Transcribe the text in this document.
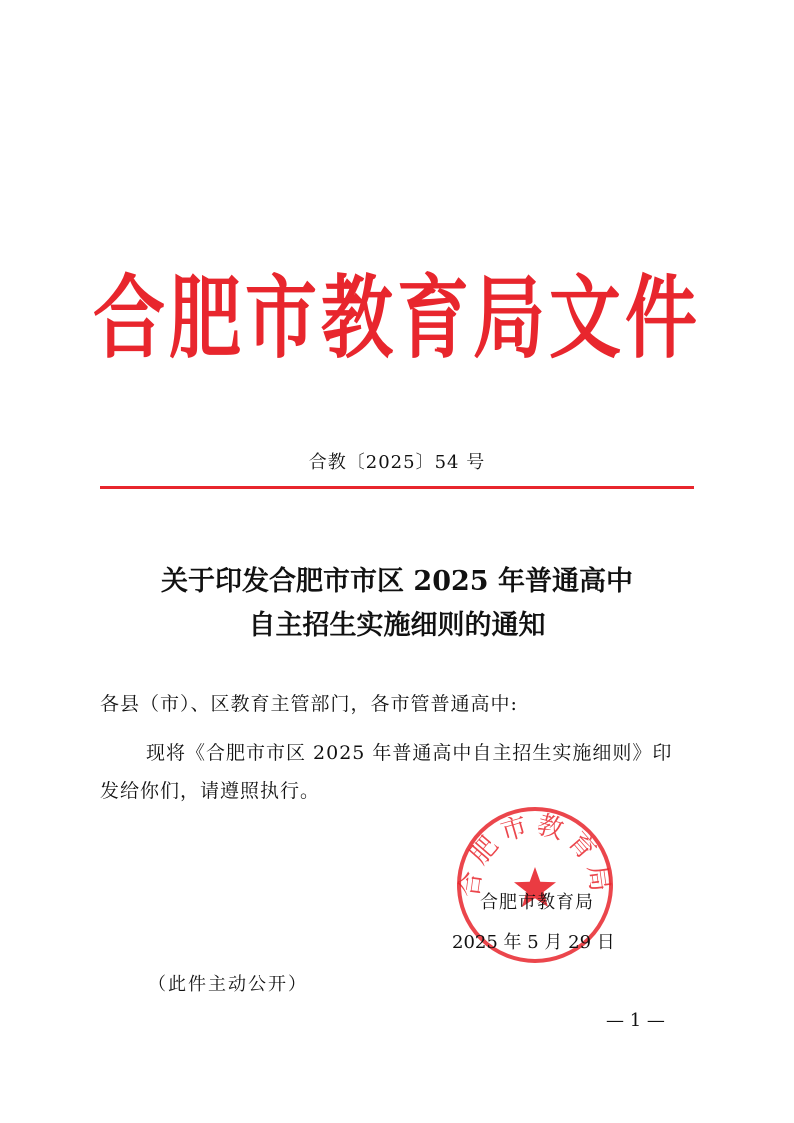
合肥市教育局文件
合教〔2025〕54 号
关于印发合肥市市区 2025 年普通高中
自主招生实施细则的通知
各县（市）、区教育主管部门，各市管普通高中:
现将《合肥市市区 2025 年普通高中自主招生实施细则》印
发给你们，请遵照执行。
合肥市教育局
合肥市教育局
2025 年 5 月 29 日
（此件主动公开）
— 1 —
